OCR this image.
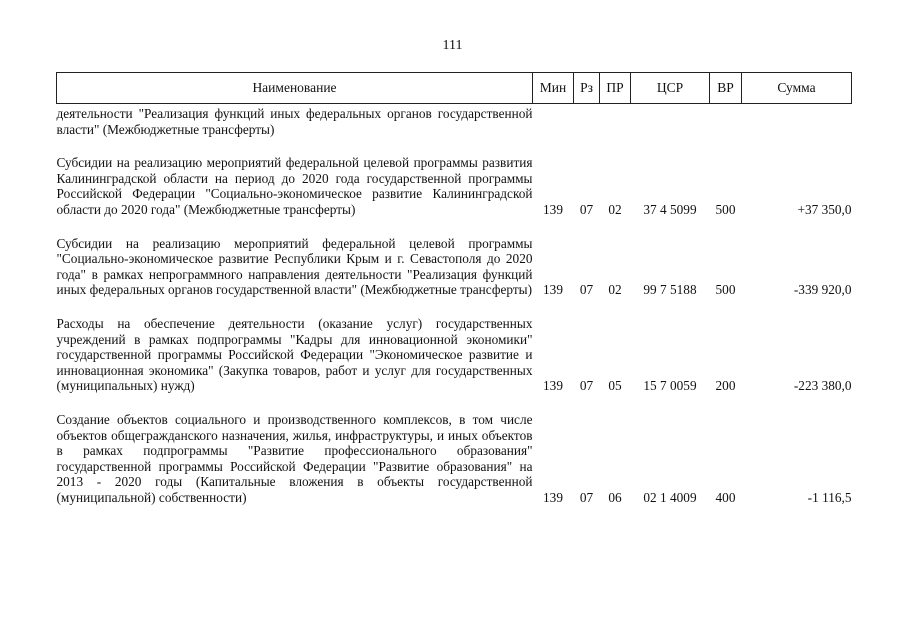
111
Наименование	Мин	Рз	ПР	ЦСР	ВР	Сумма
деятельности "Реализация функций иных федеральных органов государственной власти" (Межбюджетные трансферты)						

Субсидии на реализацию мероприятий федеральной целевой программы развития Калининградской области на период до 2020 года государственной программы Российской Федерации "Социально-экономическое развитие Калининградской области до 2020 года" (Межбюджетные трансферты)	139	07	02	37 4 5099	500	+37 350,0

Субсидии на реализацию мероприятий федеральной целевой программы "Социально-экономическое развитие Республики Крым и г. Севастополя до 2020 года" в рамках непрограммного направления деятельности "Реализация функций иных федеральных органов государственной власти" (Межбюджетные трансферты)	139	07	02	99 7 5188	500	-339 920,0

Расходы на обеспечение деятельности (оказание услуг) государственных учреждений в рамках подпрограммы "Кадры для инновационной экономики" государственной программы Российской Федерации "Экономическое развитие и инновационная экономика" (Закупка товаров, работ и услуг для государственных (муниципальных) нужд)	139	07	05	15 7 0059	200	-223 380,0

Создание объектов социального и производственного комплексов, в том числе объектов общегражданского назначения, жилья, инфраструктуры, и иных объектов в рамках подпрограммы "Развитие профессионального образования" государственной программы Российской Федерации "Развитие образования" на 2013 - 2020 годы (Капитальные вложения в объекты государственной (муниципальной) собственности)	139	07	06	02 1 4009	400	-1 116,5
